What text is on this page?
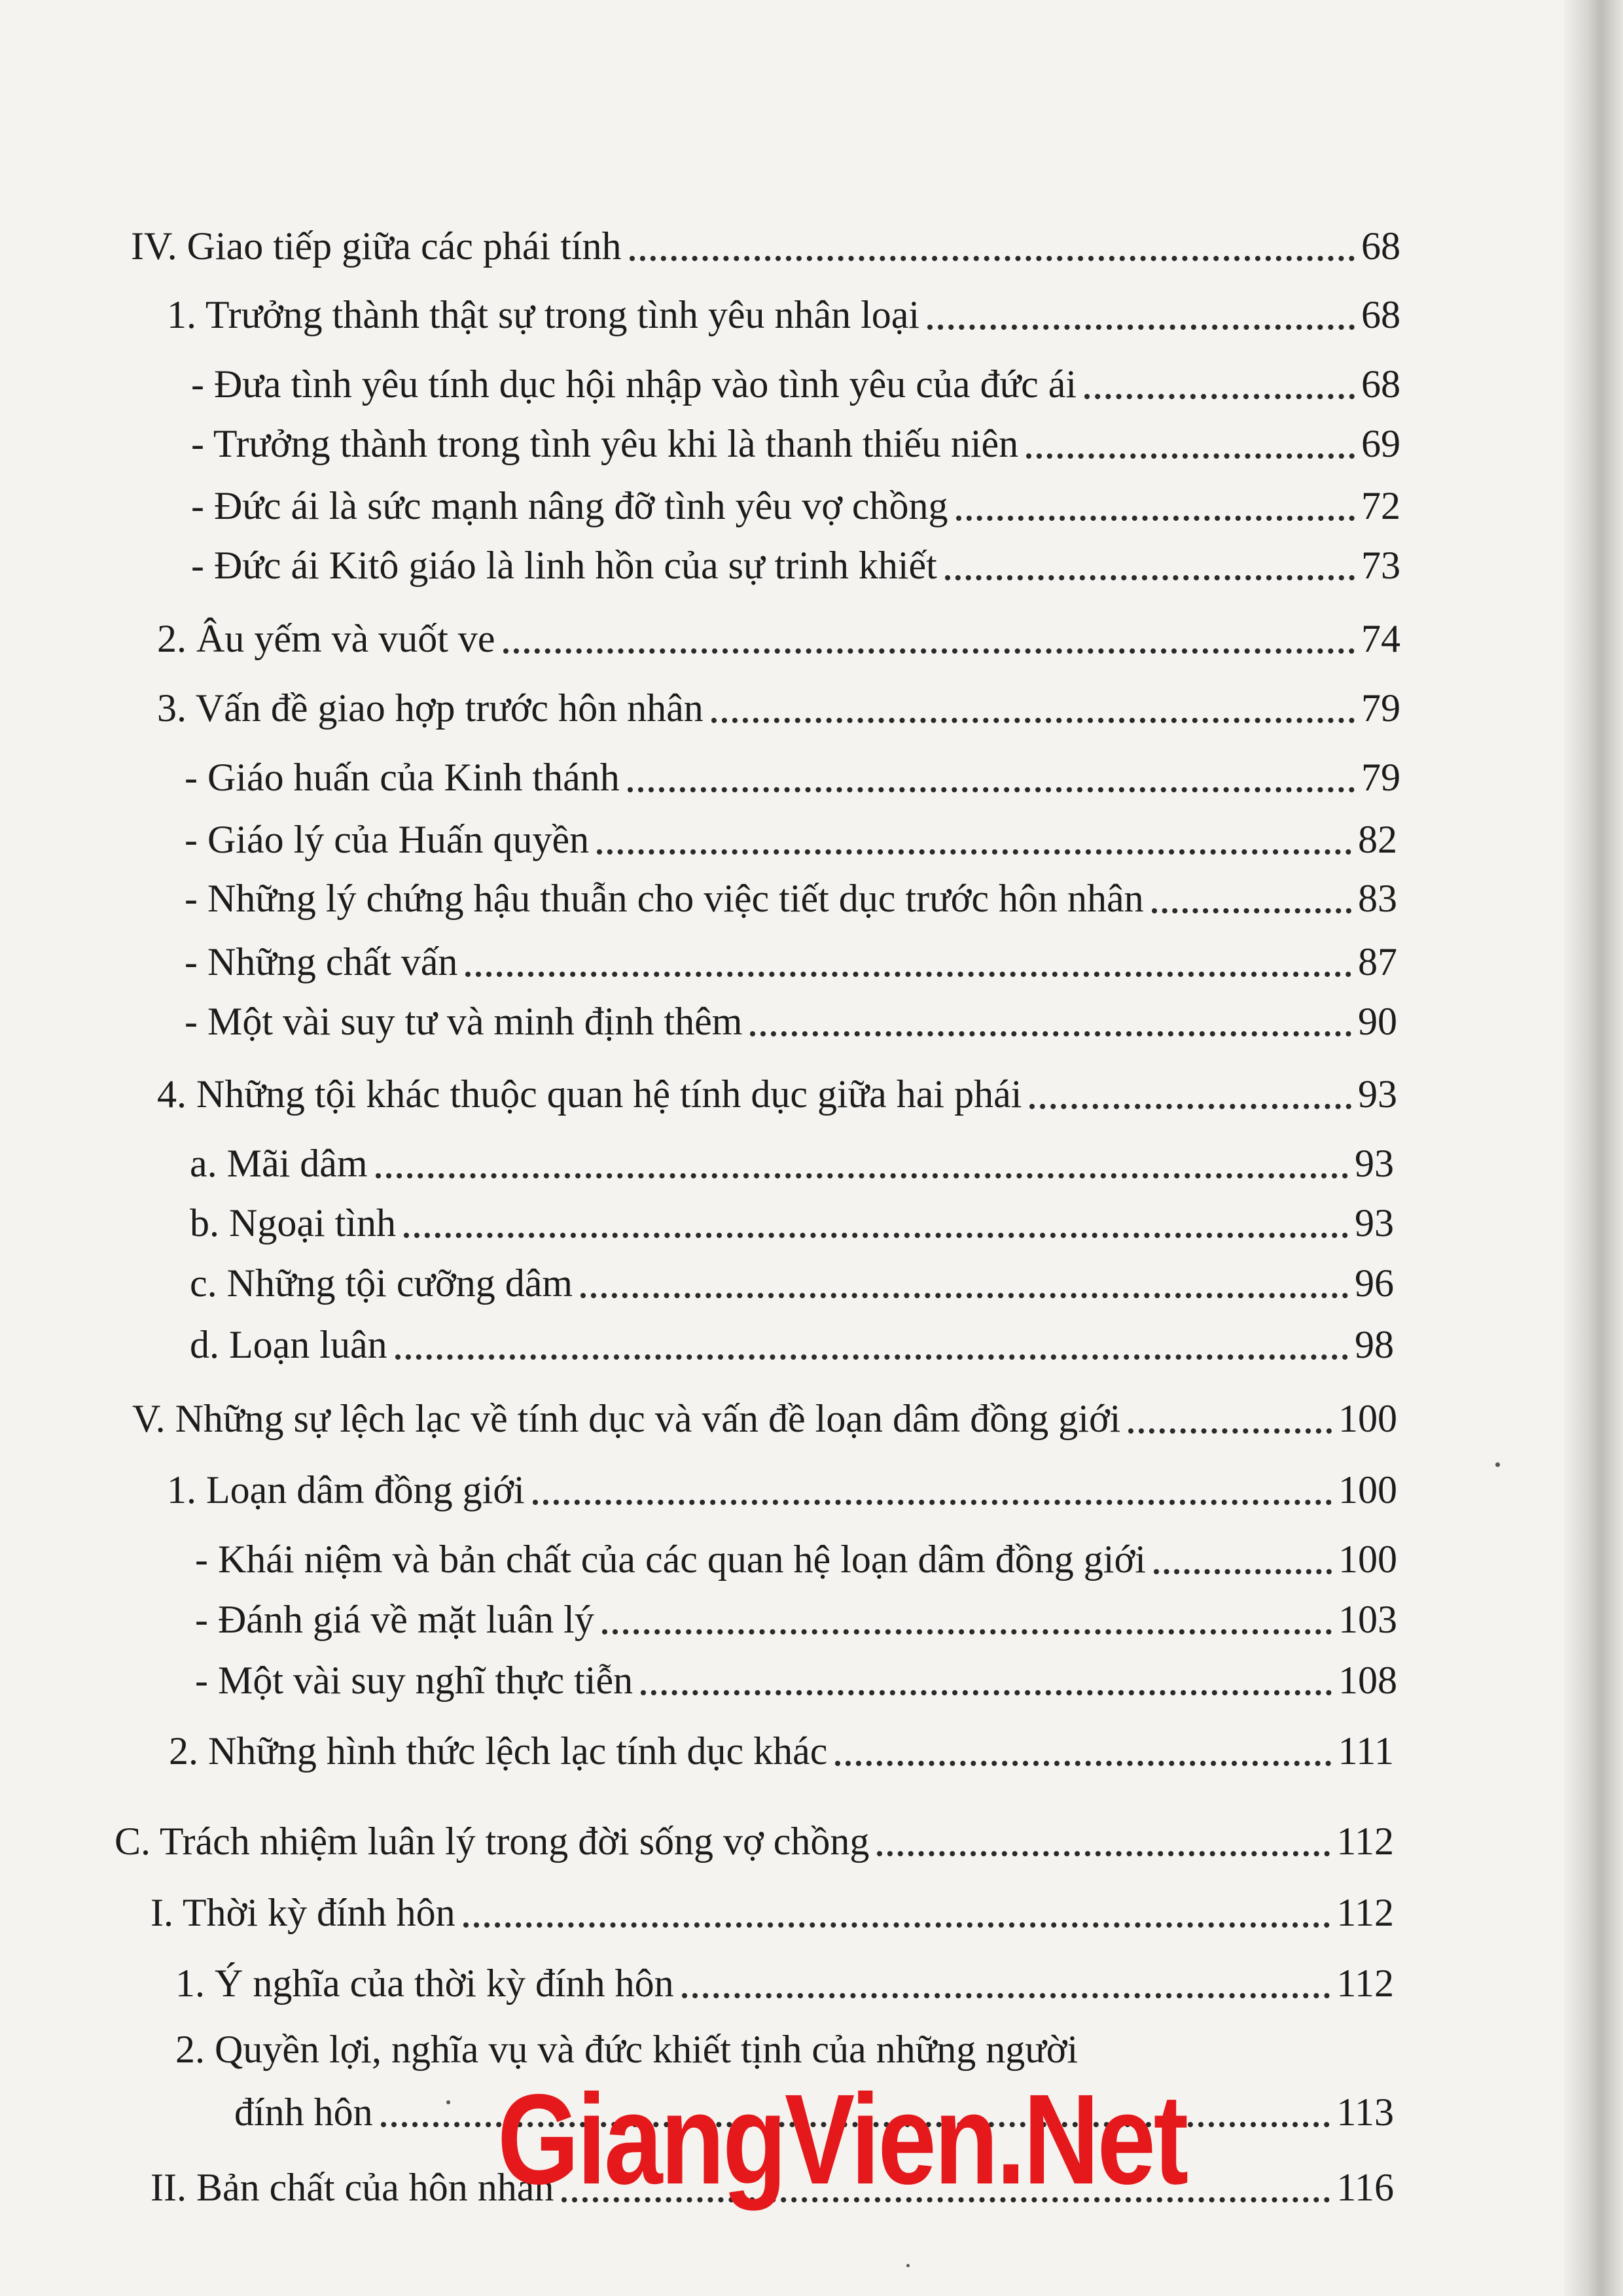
IV. Giao tiếp giữa các phái tính	68
1. Trưởng thành thật sự trong tình yêu nhân loại	68
- Đưa tình yêu tính dục hội nhập vào tình yêu của đức ái	68
- Trưởng thành trong tình yêu khi là thanh thiếu niên	69
- Đức ái là sức mạnh nâng đỡ tình yêu vợ chồng	72
- Đức ái Kitô giáo là linh hồn của sự trinh khiết	73
2. Âu yếm và vuốt ve	74
3. Vấn đề giao hợp trước hôn nhân	79
- Giáo huấn của Kinh thánh	79
- Giáo lý của Huấn quyền	82
- Những lý chứng hậu thuẫn cho việc tiết dục trước hôn nhân	83
- Những chất vấn	87
- Một vài suy tư và minh định thêm	90
4. Những tội khác thuộc quan hệ tính dục giữa hai phái	93
a. Mãi dâm	93
b. Ngoại tình	93
c. Những tội cưỡng dâm	96
d. Loạn luân	98
V. Những sự lệch lạc về tính dục và vấn đề loạn dâm đồng giới	100
1. Loạn dâm đồng giới	100
- Khái niệm và bản chất của các quan hệ loạn dâm đồng giới	100
- Đánh giá về mặt luân lý	103
- Một vài suy nghĩ thực tiễn	108
2. Những hình thức lệch lạc tính dục khác	111
C. Trách nhiệm luân lý trong đời sống vợ chồng	112
I. Thời kỳ đính hôn	112
1. Ý nghĩa của thời kỳ đính hôn	112
2. Quyền lợi, nghĩa vụ và đức khiết tịnh của những người
đính hôn	113
II. Bản chất của hôn nhân	116
GiangVien.Net
